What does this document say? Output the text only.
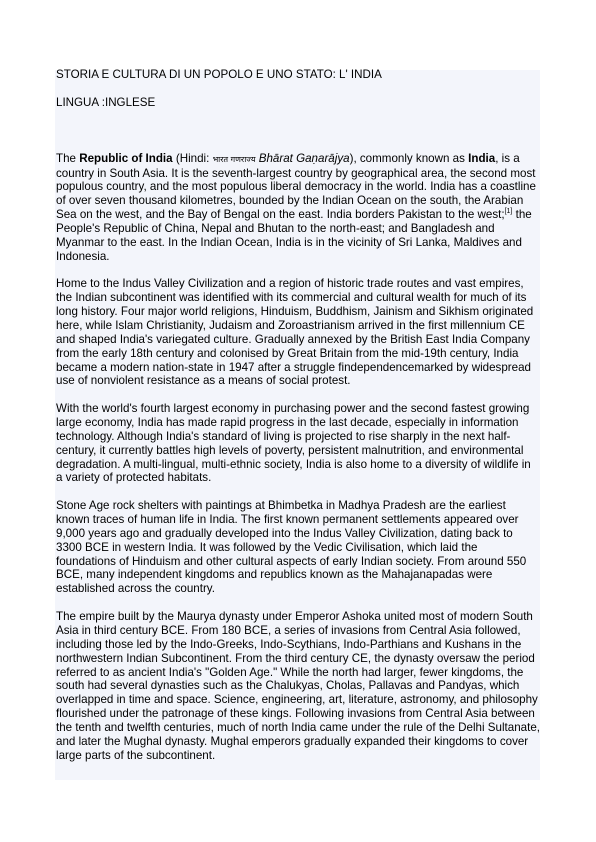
STORIA E CULTURA DI UN POPOLO E UNO STATO: L' INDIA

LINGUA :INGLESE

The Republic of India (Hindi: भारत गणराज्य Bhārat Gaṇarājya), commonly known as India, is a country in South Asia. It is the seventh-largest country by geographical area, the second most populous country, and the most populous liberal democracy in the world. India has a coastline of over seven thousand kilometres, bounded by the Indian Ocean on the south, the Arabian Sea on the west, and the Bay of Bengal on the east. India borders Pakistan to the west;[1] the People's Republic of China, Nepal and Bhutan to the north-east; and Bangladesh and Myanmar to the east. In the Indian Ocean, India is in the vicinity of Sri Lanka, Maldives and Indonesia.

Home to the Indus Valley Civilization and a region of historic trade routes and vast empires, the Indian subcontinent was identified with its commercial and cultural wealth for much of its long history. Four major world religions, Hinduism, Buddhism, Jainism and Sikhism originated here, while Islam Christianity, Judaism and Zoroastrianism arrived in the first millennium CE and shaped India's variegated culture. Gradually annexed by the British East India Company from the early 18th century and colonised by Great Britain from the mid-19th century, India became a modern nation-state in 1947 after a struggle findependencemarked by widespread use of nonviolent resistance as a means of social protest.

With the world's fourth largest economy in purchasing power and the second fastest growing large economy, India has made rapid progress in the last decade, especially in information technology. Although India's standard of living is projected to rise sharply in the next half-century, it currently battles high levels of poverty, persistent malnutrition, and environmental degradation. A multi-lingual, multi-ethnic society, India is also home to a diversity of wildlife in a variety of protected habitats.

Stone Age rock shelters with paintings at Bhimbetka in Madhya Pradesh are the earliest known traces of human life in India. The first known permanent settlements appeared over 9,000 years ago and gradually developed into the Indus Valley Civilization, dating back to 3300 BCE in western India. It was followed by the Vedic Civilisation, which laid the foundations of Hinduism and other cultural aspects of early Indian society. From around 550 BCE, many independent kingdoms and republics known as the Mahajanapadas were established across the country.

The empire built by the Maurya dynasty under Emperor Ashoka united most of modern South Asia in third century BCE. From 180 BCE, a series of invasions from Central Asia followed, including those led by the Indo-Greeks, Indo-Scythians, Indo-Parthians and Kushans in the northwestern Indian Subcontinent. From the third century CE, the dynasty oversaw the period referred to as ancient India's "Golden Age." While the north had larger, fewer kingdoms, the south had several dynasties such as the Chalukyas, Cholas, Pallavas and Pandyas, which overlapped in time and space. Science, engineering, art, literature, astronomy, and philosophy flourished under the patronage of these kings. Following invasions from Central Asia between the tenth and twelfth centuries, much of north India came under the rule of the Delhi Sultanate, and later the Mughal dynasty. Mughal emperors gradually expanded their kingdoms to cover large parts of the subcontinent.
